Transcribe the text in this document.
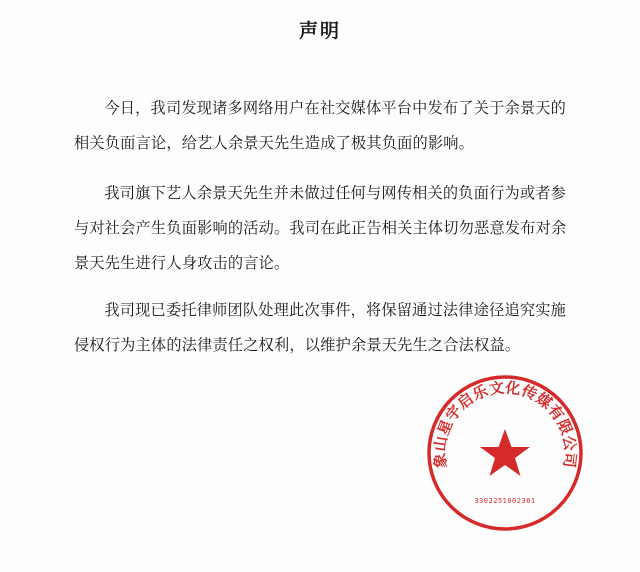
声明

今日，我司发现诸多网络用户在社交媒体平台中发布了关于余景天的相关负面言论，给艺人余景天先生造成了极其负面的影响。

我司旗下艺人余景天先生并未做过任何与网传相关的负面行为或者参与对社会产生负面影响的活动。我司在此正告相关主体切勿恶意发布对余景天先生进行人身攻击的言论。

我司现已委托律师团队处理此次事件，将保留通过法律途径追究实施侵权行为主体的法律责任之权利，以维护余景天先生之合法权益。

象山星宇启乐文化传媒有限公司
3302251002361
